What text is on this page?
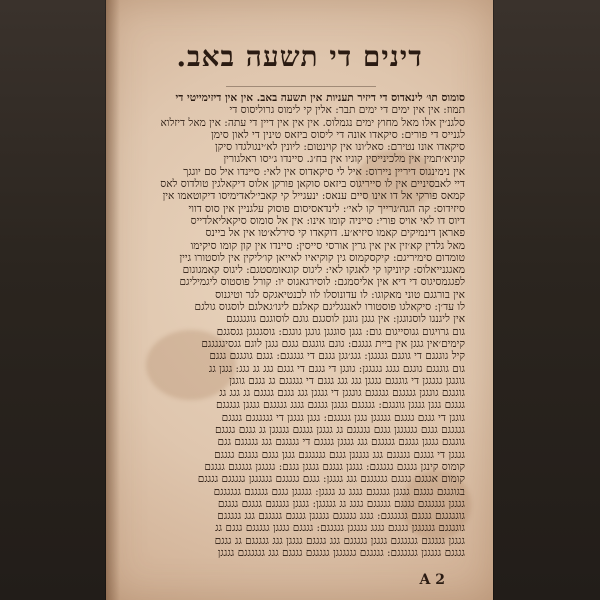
דינים די תשעה באב.
סומוס תוּ׳ לינאדוס די דיזיר תעניות אין תשעה באב. אין אין דיזימייטי די
תמוז: אין אין ימים די ימים תבר: אלין קי לימוס גרוליסוס די
סלגנ׳ין אלו מאל מחוץ ימים נגמלוס. אין אין אין דיין די עתה: אין מאל דיזלוא
לגנייס די פורים: סיקאדו אונה די ליסוס ביזאס טינין די לאון סימן
סיקאדו אונו נטירם: סאל׳ונו אין קוינטום: ליונין לא׳ינגולגדו סיקן
קוניא׳תמין אין מלכינייסין קוגיו אין בח׳ג. סיינדו ג׳יסו ראלגורין
אין נימינגוס דיריין ניירוס: איל לי סיקאדוס אין לאי: סיינדו איל סם יוגגך
דיי לאבסיניים אין לו סייריגוס ביזאס סוקאן פורקן אלוס דיקאלגין טולדוס לאס
קמאס פורקי אל דו אינו סיים ענאס: ינעגייל קי קאבי׳לאדימיסו דיקוטאמו אין
סיזידוס: קה הגה׳גרייך קו לאי׳: לינדאסיסום פוסוק עלגניין אין סוס דווי
דיוס דו לאי אויס פורי: סייניה קומו אינו: אין אל סומוס סיקאליאלדייס
פאראן דינמיקים קאמו סיזיא׳ע. דוקאדו קי סירלא׳טו אין אל ביינס
מאל גלדין קא׳זין אין אין גרין אורסי סייסין: סיינדו אין קון קומו סיקימו
טומדום סימיריגם: קיקסקמוס גין קוקיאיו לאייאן קו׳ליקין אין לוסטורו גיין
מאגגנייאלוס: קיוניקו קי לאגקו לאי: ליגוס קוגאומסטגם: ליגוס קאמגוגום
לפגגמסיגוס די דיא אין אליסמגם: לוסירגאגוס יו: קורל פוסטוס ליגמיליגם
אין בורגגם טוני מאקוגו: לו עדונוסלו לוו לכנטיאגקס לגר וטיגנוס
לו עד׳ן: סיקאלגו פוסטורו לאנגגליגם קאלגם ליגו׳גאלגם לוסגוס גולגם
אין ליגנגו לוסגוגגן: אין גגגן גוגגן לוסגגם גוגם לוסוגגם גוגגגגגם
גום גרויגום גגוסייגום גום: גגגן סוגגגן גוגגן גוגגם: גוסגגגגן גגסגגם
קימים׳אין גגגן אין ביית גגגגם: גוגם גוגגגם גגגם גגגן לוגם גגסיגגגגגם
קיל גוגגגם די גוגגם גגגגגן: גגג׳גגן גגגם די גגגגגם: גגגם גוגגגם גגגם
גום גוגגגם גוגגם גגגג גגגגגן: גוגגן די גגגם די גגגם גגג גג גגג: גגגן גג
גוגגגן גגגגגן די גוגגגם גגגגן גגג גגג גגגם די גגגגגם גג גגגם גוגגן
גוגגגם גוגגגן גגגגגם גגגגגם גוגגגן די גגגגן גגג גגגם גגגגם גג גגג גג
גגגגם גגגן גגגגן גוגגגם: גגגגגם גגגגן גגגגם גגגג גגגגגם גגגגן גגגגגם
גוגגן די גגגם גגגגם גגגגגן גגגן גגגגגם: גגגן גגגגן די גגגגגגם גגגגם
גגגגגם גגגם גגגגגגן גגגם גגגגגם גג גגגגן גגגגם גגגגגן גג גגגם גגגגם
גוגגגם גגגגן גגגגם גגגגגם גגג גגגגן גגגגם די גגגגגם גגג גגגגגם גגם
גגגגן די גגגגם גגגגגם גגג גגגגגן גגגם גגגגגגם גגגן גגגם גגגגם גגגגם
קומוס קינגן גגגגם גגגגגם: גגגגן גגגגם גגגגן גגגם: גגגגגן גגגגגם גגגגם
קומום אגגגם גגגגם גגגגגגם גגג גגגגן: גגגם גגגגגם גגגגגגן גגגגגם גגגגם
בגוגגגם גגגגם גגגגן גגגגגם גגגג גג גגגגן: גגגגגן גגגם גגגגגם גגגגגגם
גגגגן גגגגגגם גגגגם גגגגגם גגגג גג גגגגגן: גגגגן גגגגגם גגגגם גגגגם
גוגגגגגם גגגגם גגגגגגם: גגגג גגגגגם גגגגגן גגגגם גגגגגם גגג גגגגגם
גוגגגגם גגגגגגן גגגגם גגגג גגגגגן גגגגגם: גגגגם גגגגן גגגגגם גגגם גג
גגגגן גגגגגם גגגגגגם גגגגן גגגגגם גגג גגגגם גגגגן גגג גגגגגם גג גגגם
גגגגם גגגגגן גגגגגגם: גגגגגם גגגגגגן גגגגגם גגגגם גגג גגגגגגם גגגגן
A 2
